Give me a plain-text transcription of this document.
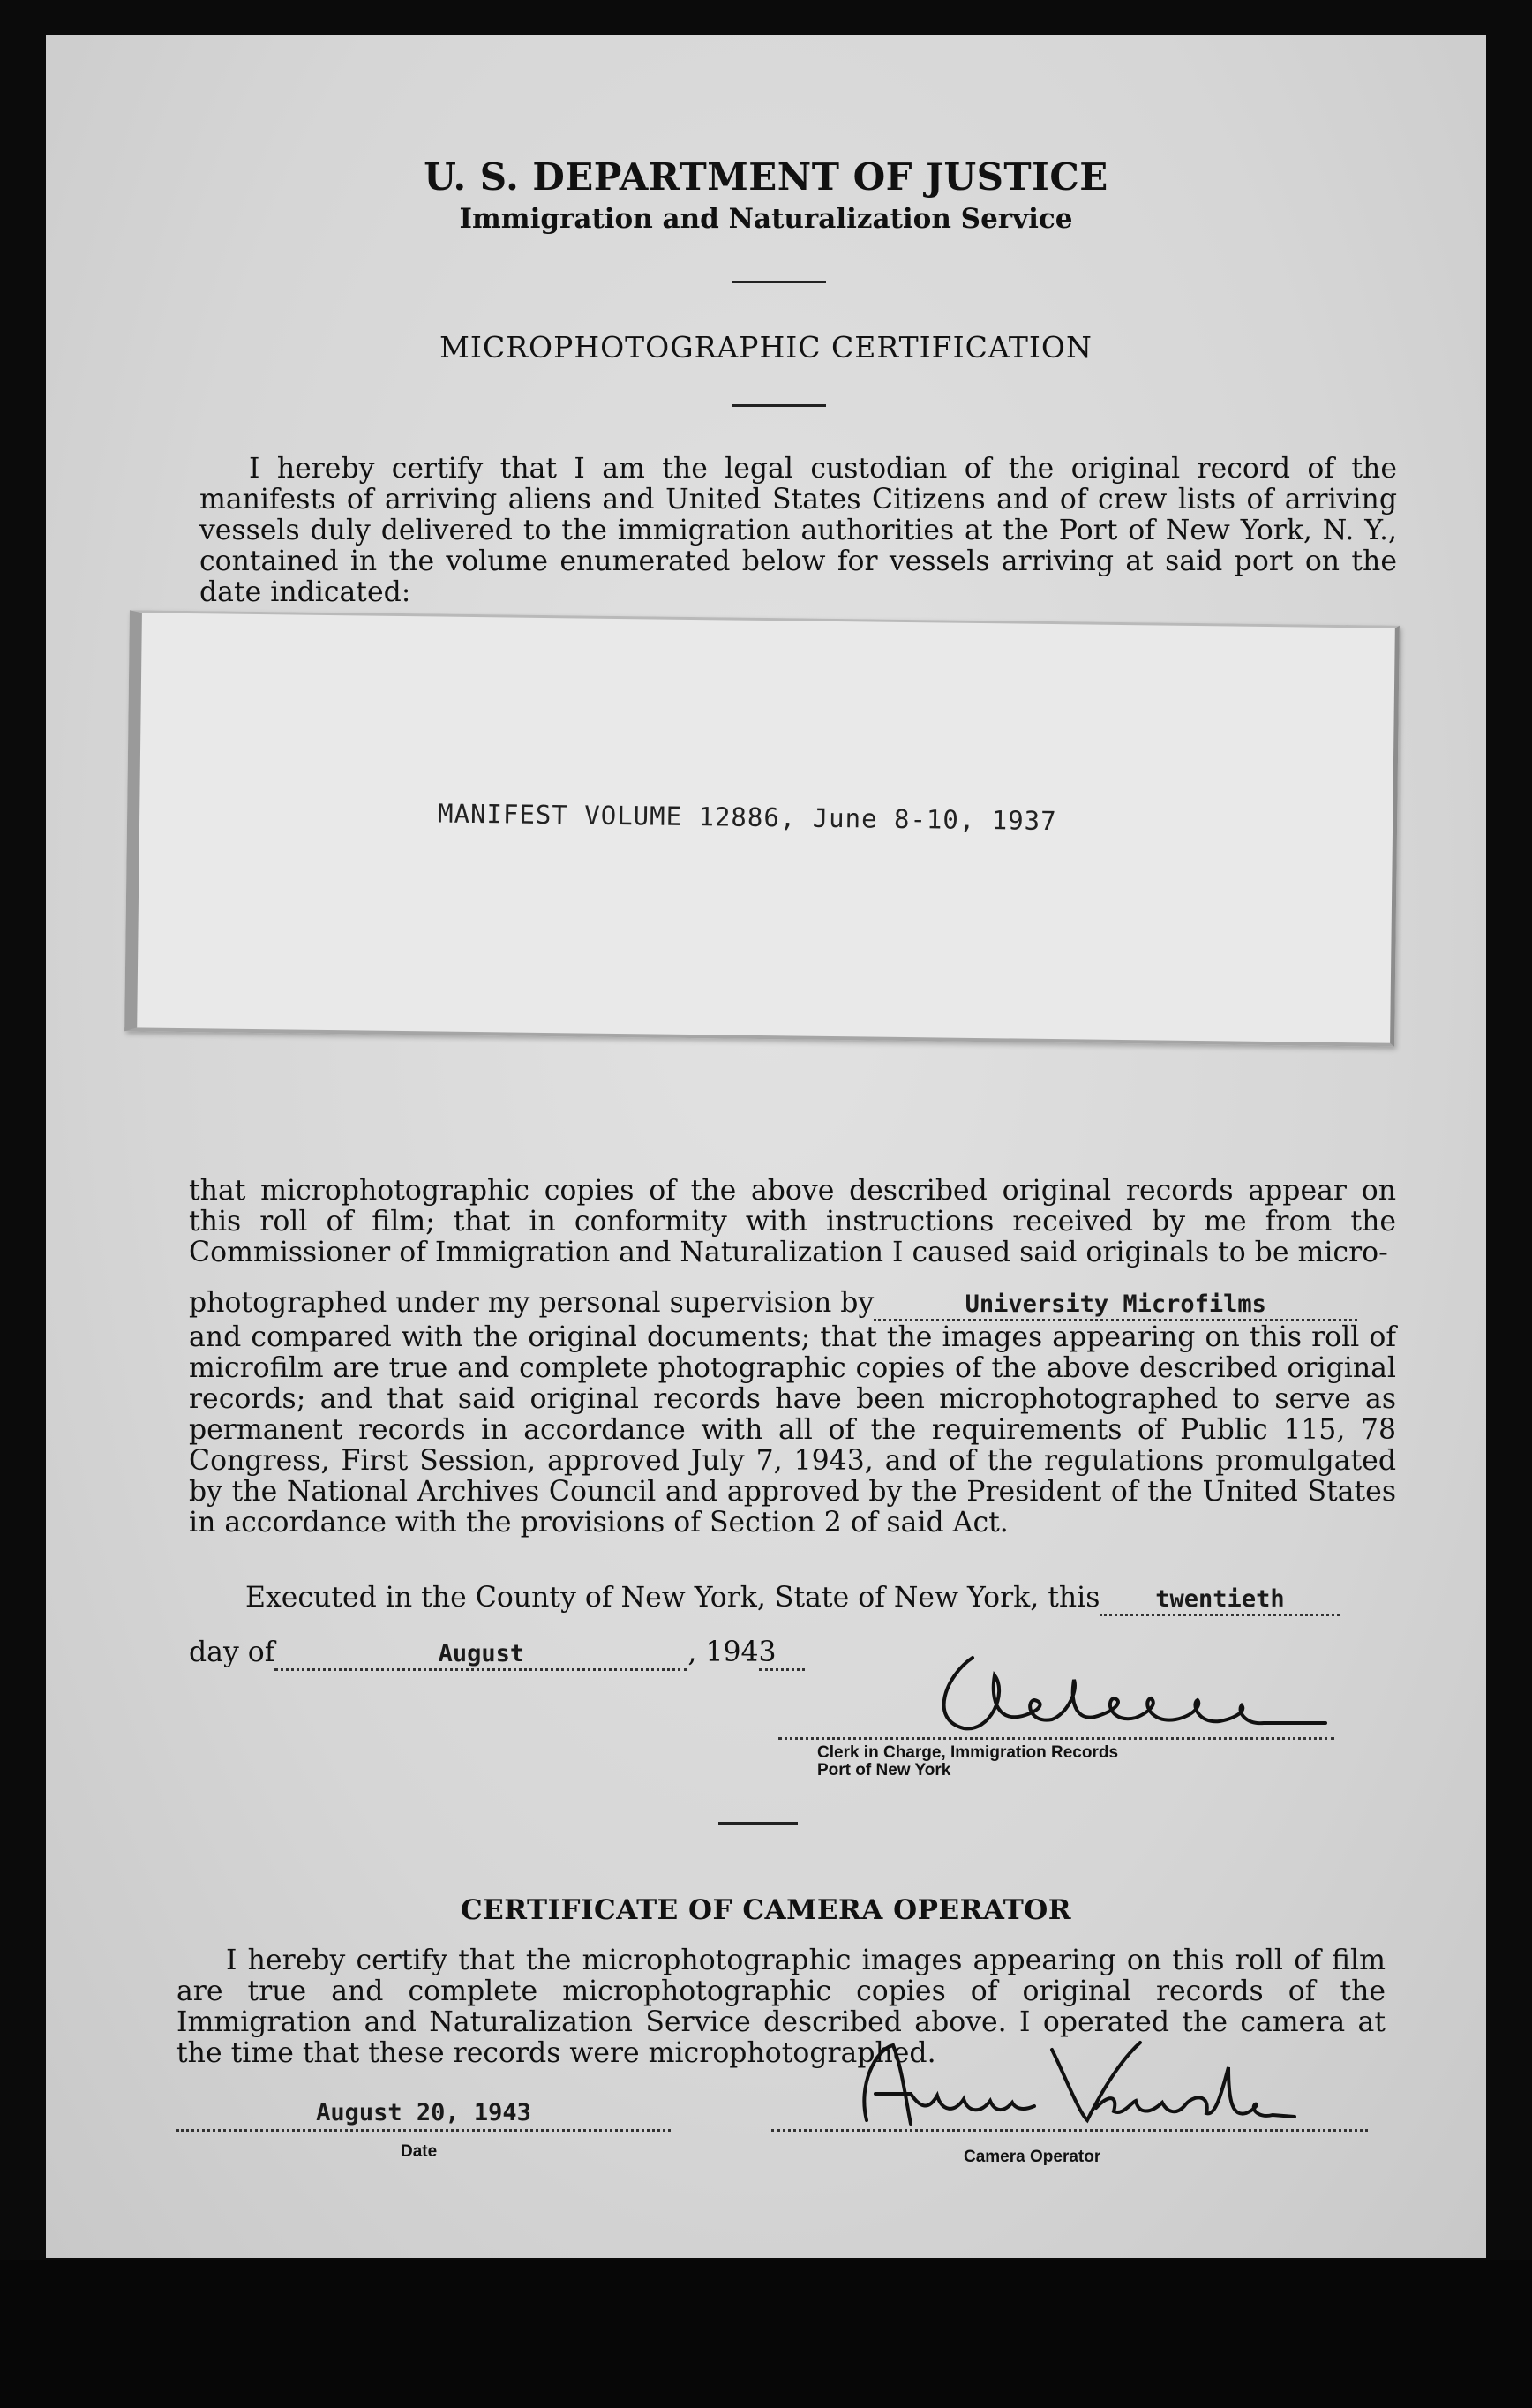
U. S. DEPARTMENT OF JUSTICE
Immigration and Naturalization Service
MICROPHOTOGRAPHIC CERTIFICATION
I hereby certify that I am the legal custodian of the original record of the manifests of arriving aliens and United States Citizens and of crew lists of arriving vessels duly delivered to the immigration authorities at the Port of New York, N. Y., contained in the volume enumerated below for vessels arriving at said port on the date indicated:
MANIFEST VOLUME 12886, June 8-10, 1937
that microphotographic copies of the above described original records appear on this roll of film; that in conformity with instructions received by me from the Commissioner of Immigration and Naturalization I caused said originals to be micro-
photographed under my personal supervision by	University Microfilms
and compared with the original documents; that the images appearing on this roll of microfilm are true and complete photographic copies of the above described original records; and that said original records have been microphotographed to serve as permanent records in accordance with all of the requirements of Public 115, 78 Congress, First Session, approved July 7, 1943, and of the regulations promulgated by the National Archives Council and approved by the President of the United States in accordance with the provisions of Section 2 of said Act.
Executed in the County of New York, State of New York, this twentieth
day of	August	, 1943
Clerk in Charge, Immigration Records
Port of New York
CERTIFICATE OF CAMERA OPERATOR
I hereby certify that the microphotographic images appearing on this roll of film are true and complete microphotographic copies of original records of the Immigration and Naturalization Service described above. I operated the camera at the time that these records were microphotographed.
August 20, 1943
Date	Camera Operator
